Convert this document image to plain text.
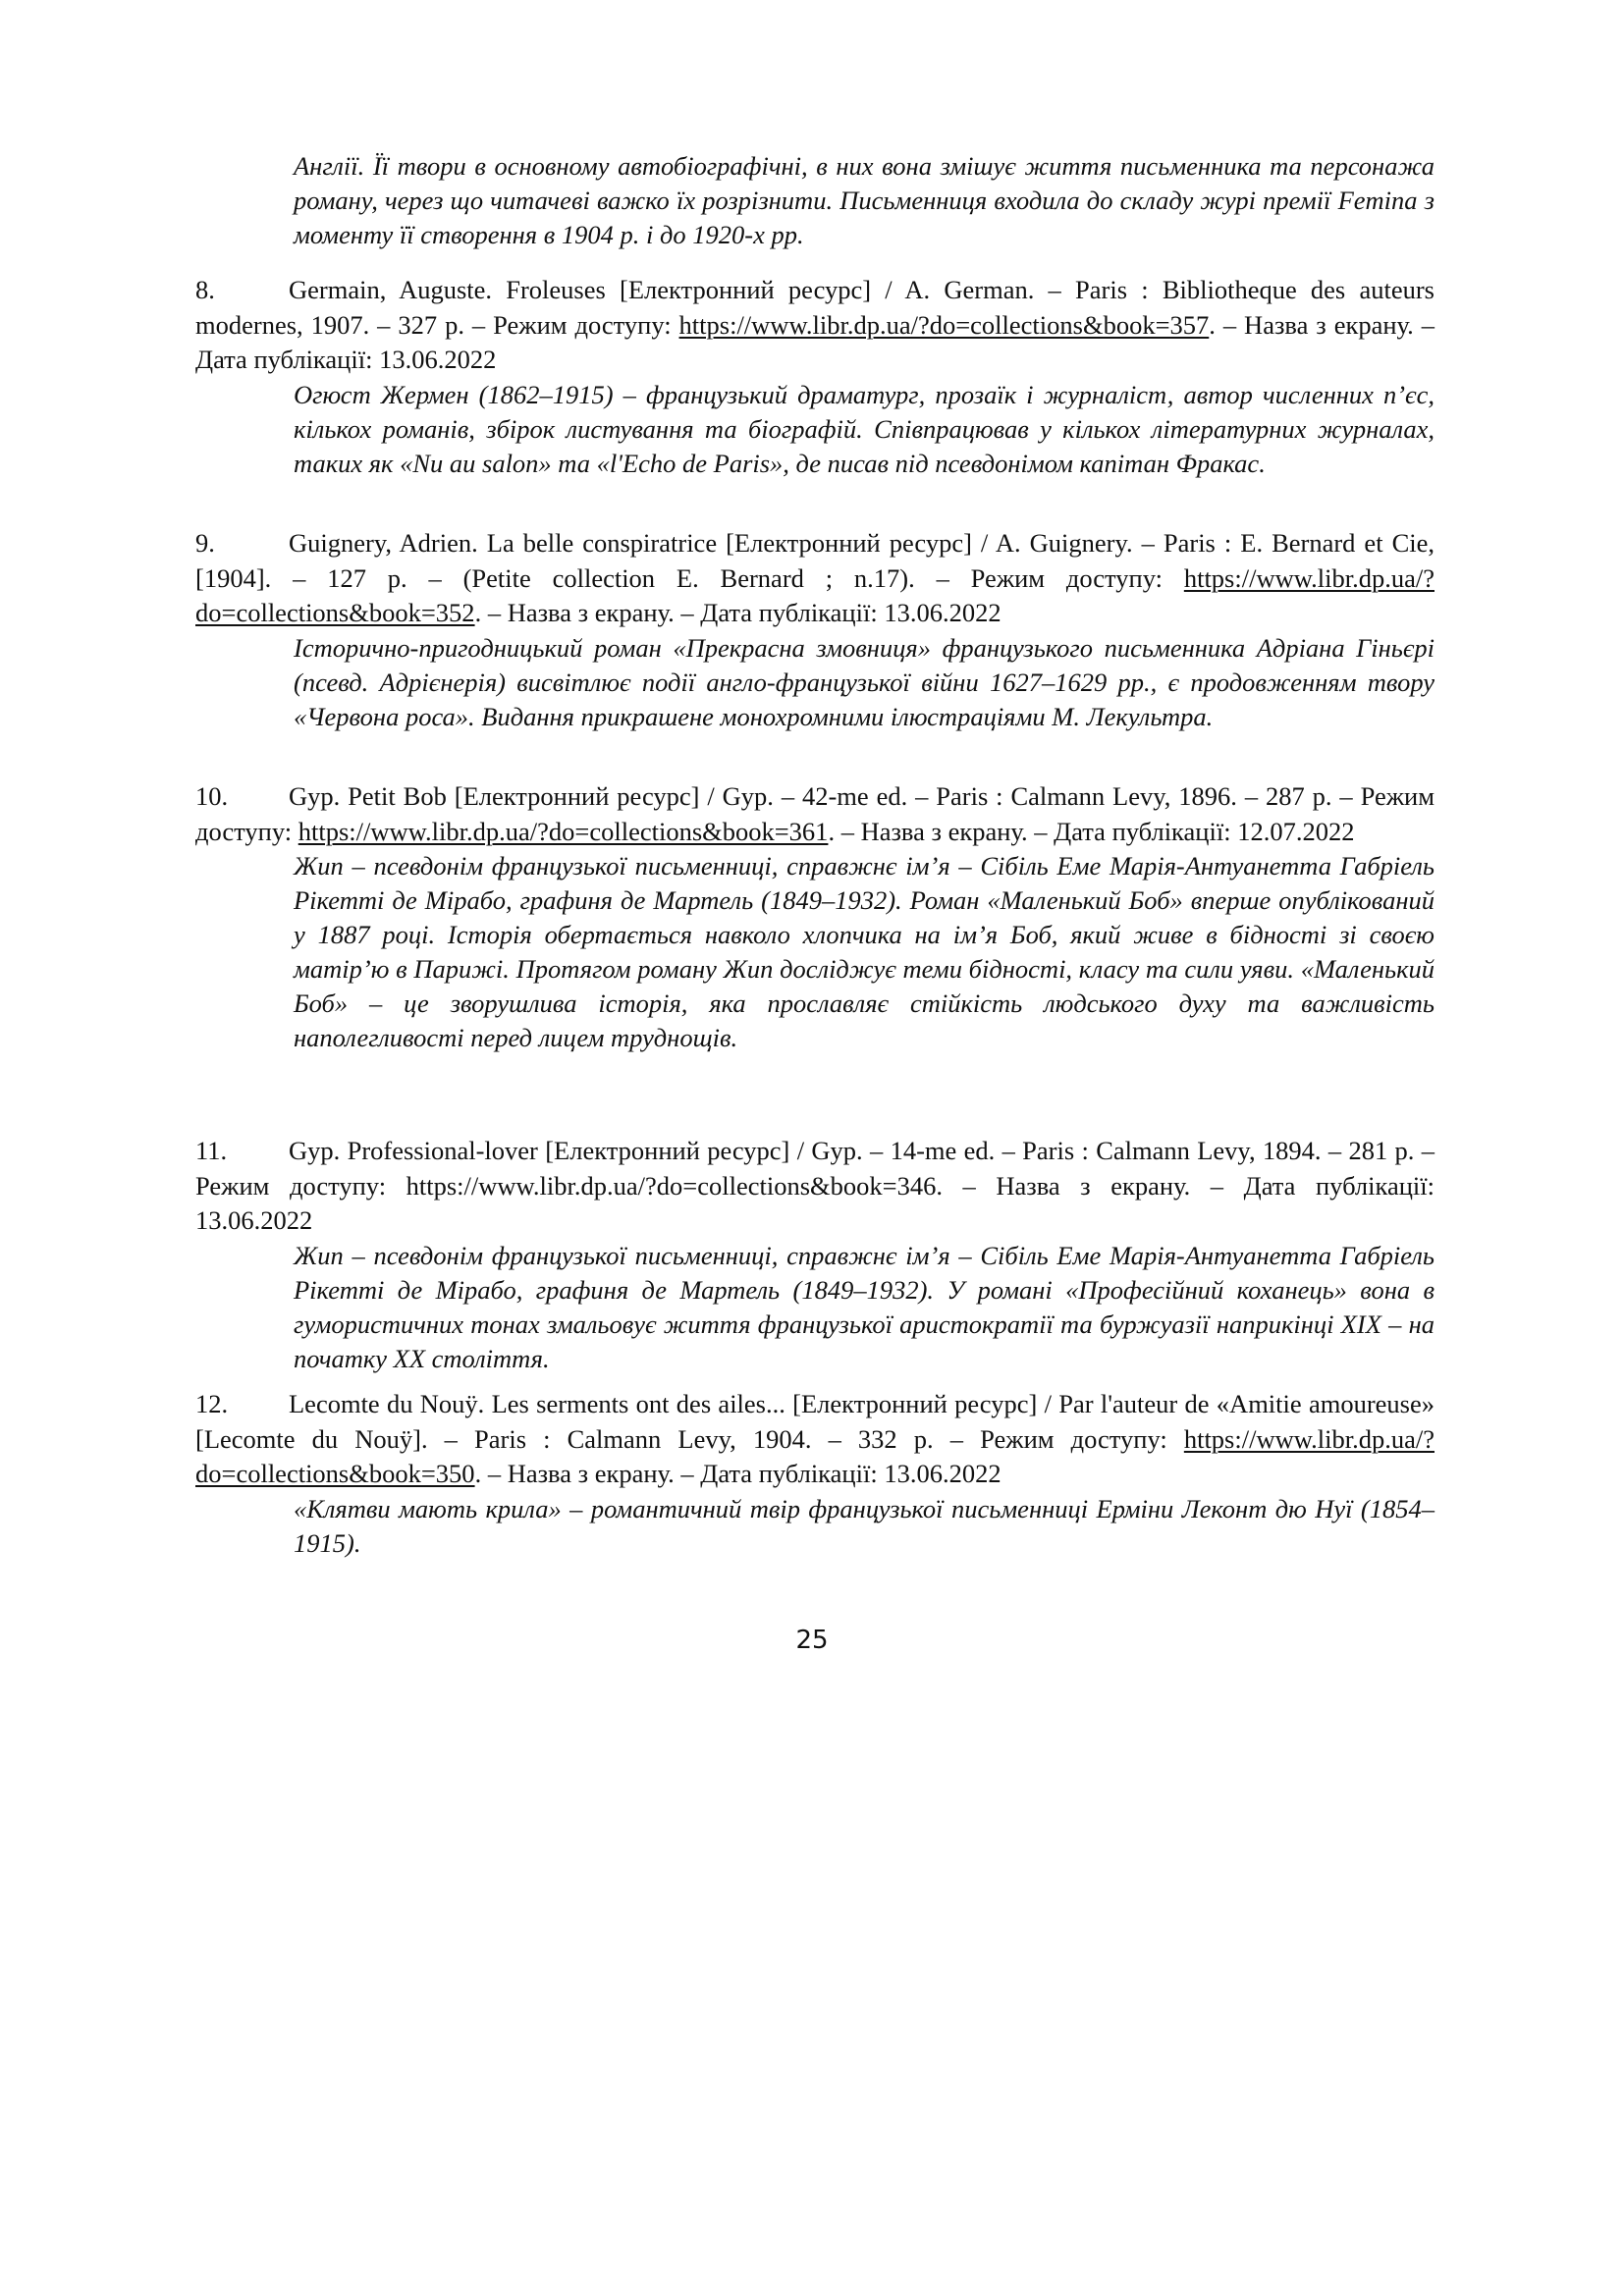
Англії. Її твори в основному автобіографічні, в них вона змішує життя письменника та персонажа роману, через що читачеві важко їх розрізнити. Письменниця входила до складу журі премії Femina з моменту її створення в 1904 р. і до 1920-х рр.

8.	Germain, Auguste. Froleuses [Електронний ресурс] / A. German. – Paris : Bibliotheque des auteurs modernes, 1907. – 327 p. – Режим доступу: https://www.libr.dp.ua/?do=collections&book=357. – Назва з екрану. – Дата публікації: 13.06.2022

Огюст Жермен (1862–1915) – французький драматург, прозаїк і журналіст, автор численних п’єс, кількох романів, збірок листування та біографій. Співпрацював у кількох літературних журналах, таких як «Nu au salon» та «l'Echo de Paris», де писав під псевдонімом капітан Фракас.

9.	Guignery, Adrien. La belle conspiratrice [Електронний ресурс] / A. Guignery. – Paris : E. Bernard et Cie, [1904]. – 127 p. – (Petite collection E. Bernard ; n.17). – Режим доступу: https://www.libr.dp.ua/?do=collections&book=352. – Назва з екрану. – Дата публікації: 13.06.2022

Історично-пригодницький роман «Прекрасна змовниця» французького письменника Адріана Гіньєрі (псевд. Адрієнерія) висвітлює події англо-французької війни 1627–1629 рр., є продовженням твору «Червона роса». Видання прикрашене монохромними ілюстраціями М. Лекультра.

10. Gyp. Petit Bob [Електронний ресурс] / Gyp. – 42-me ed. – Paris : Calmann Levy, 1896. – 287 p. – Режим доступу: https://www.libr.dp.ua/?do=collections&book=361. – Назва з екрану. – Дата публікації: 12.07.2022

Жип – псевдонім французької письменниці, справжнє ім’я – Сібіль Еме Марія-Антуанетта Габріель Рікетті де Мірабо, графиня де Мартель (1849–1932). Роман «Маленький Боб» вперше опублікований у 1887 році. Історія обертається навколо хлопчика на ім’я Боб, який живе в бідності зі своєю матір’ю в Парижі. Протягом роману Жип досліджує теми бідності, класу та сили уяви. «Маленький Боб» – це зворушлива історія, яка прославляє стійкість людського духу та важливість наполегливості перед лицем труднощів.

11. Gyp. Professional-lover [Електронний ресурс] / Gyp. – 14-me ed. – Paris : Calmann Levy, 1894. – 281 p. – Режим доступу: https://www.libr.dp.ua/?do=collections&book=346. – Назва з екрану. – Дата публікації: 13.06.2022

Жип – псевдонім французької письменниці, справжнє ім’я – Сібіль Еме Марія-Антуанетта Габріель Рікетті де Мірабо, графиня де Мартель (1849–1932). У романі «Професійний коханець» вона в гумористичних тонах змальовує життя французької аристократії та буржуазії наприкінці XIX – на початку XX століття.

12. Lecomte du Nouÿ. Les serments ont des ailes... [Електронний ресурс] / Par l'auteur de «Amitie amoureuse» [Lecomte du Nouÿ]. – Paris : Calmann Levy, 1904. – 332 p. – Режим доступу: https://www.libr.dp.ua/?do=collections&book=350. – Назва з екрану. – Дата публікації: 13.06.2022

«Клятви мають крила» – романтичний твір французької письменниці Ерміни Леконт дю Нуї (1854–1915).

25
